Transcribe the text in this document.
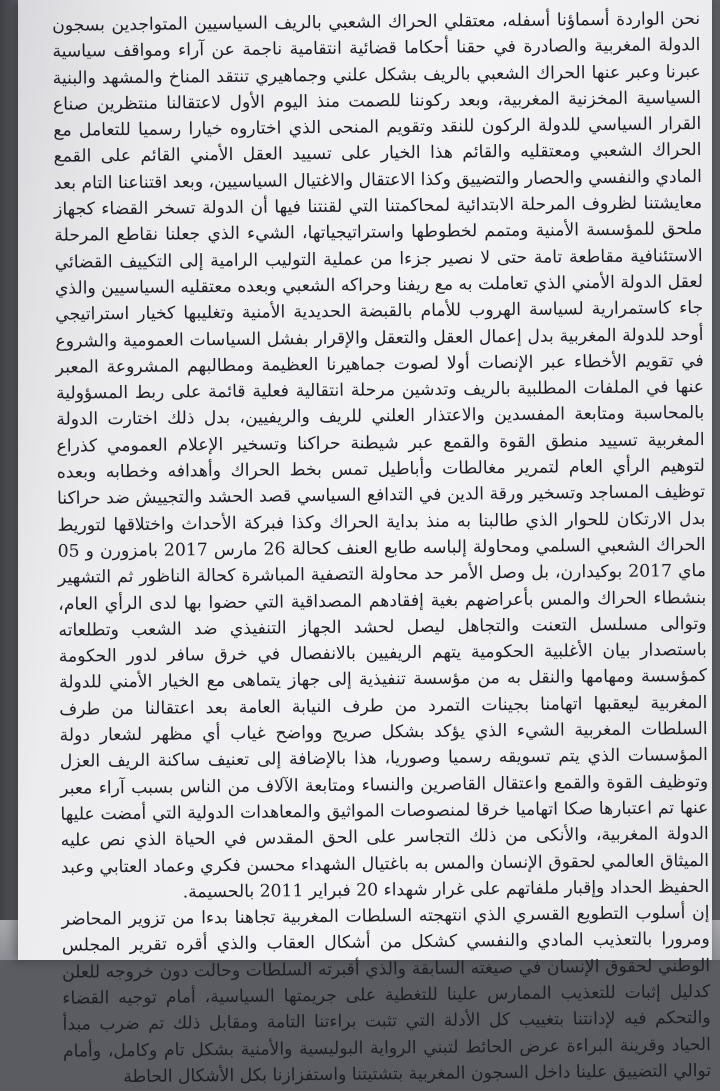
نحن الواردة أسماؤنا أسفله، معتقلي الحراك الشعبي بالريف السياسيين المتواجدين بسجون الدولة المغربية والصادرة في حقنا أحكاما قضائية انتقامية ناجمة عن آراء ومواقف سياسية عبرنا وعبر عنها الحراك الشعبي بالريف بشكل علني وجماهيري تنتقد المناخ والمشهد والبنية السياسية المخزنية المغربية، وبعد ركوننا للصمت منذ اليوم الأول لاعتقالنا منتظرين صناع القرار السياسي للدولة الركون للنقد وتقويم المنحى الذي اختاروه خيارا رسميا للتعامل مع الحراك الشعبي ومعتقليه والقائم هذا الخيار على تسييد العقل الأمني القائم على القمع المادي والنفسي والحصار والتضييق وكذا الاعتقال والاغتيال السياسيين، وبعد اقتناعنا التام بعد معايشتنا لظروف المرحلة الابتدائية لمحاكمتنا التي لقنتنا فيها أن الدولة تسخر القضاء كجهاز ملحق للمؤسسة الأمنية ومتمم لخطوطها واستراتيجياتها، الشيء الذي جعلنا نقاطع المرحلة الاستئنافية مقاطعة تامة حتى لا نصير جزءا من عملية التوليب الرامية إلى التكييف القضائي لعقل الدولة الأمني الذي تعاملت به مع ريفنا وحراكه الشعبي وبعده معتقليه السياسيين والذي جاء كاستمرارية لسياسة الهروب للأمام بالقبضة الحديدية الأمنية وتغليبها كخيار استراتيجي أوحد للدولة المغربية بدل إعمال العقل والتعقل والإقرار بفشل السياسات العمومية والشروع في تقويم الأخطاء عبر الإنصات أولا لصوت جماهيرنا العظيمة ومطالبهم المشروعة المعبر عنها في الملفات المطلبية بالريف وتدشين مرحلة انتقالية فعلية قائمة على ربط المسؤولية بالمحاسبة ومتابعة المفسدين والاعتذار العلني للريف والريفيين، بدل ذلك اختارت الدولة المغربية تسييد منطق القوة والقمع عبر شيطنة حراكنا وتسخير الإعلام العمومي كذراع لتوهيم الرأي العام لتمرير مغالطات وأباطيل تمس بخط الحراك وأهدافه وخطابه وبعده توظيف المساجد وتسخير ورقة الدين في التدافع السياسي قصد الحشد والتجييش ضد حراكنا بدل الارتكان للحوار الذي طالبنا به منذ بداية الحراك وكذا فبركة الأحداث واختلاقها لتوريط الحراك الشعبي السلمي ومحاولة إلباسه طابع العنف كحالة 26 مارس 2017 بامزورن و 05 ماي 2017 بوكيدارن، بل وصل الأمر حد محاولة التصفية المباشرة كحالة الناظور ثم التشهير بنشطاء الحراك والمس بأعراضهم بغية إفقادهم المصداقية التي حضوا بها لدى الرأي العام، وتوالى مسلسل التعنت والتجاهل ليصل لحشد الجهاز التنفيذي ضد الشعب وتطلعاته باستصدار بيان الأغلبية الحكومية يتهم الريفيين بالانفصال في خرق سافر لدور الحكومة كمؤسسة ومهامها والنقل به من مؤسسة تنفيذية إلى جهاز يتماهى مع الخيار الأمني للدولة المغربية ليعقبها اتهامنا بجينات التمرد من طرف النيابة العامة بعد اعتقالنا من طرف السلطات المغربية الشيء الذي يؤكد بشكل صريح وواضح غياب أي مظهر لشعار دولة المؤسسات الذي يتم تسويقه رسميا وصوريا، هذا بالإضافة إلى تعنيف ساكنة الريف العزل وتوظيف القوة والقمع واعتقال القاصرين والنساء ومتابعة الآلاف من الناس بسبب آراء معبر عنها تم اعتبارها صكا اتهاميا خرقا لمنصوصات المواثيق والمعاهدات الدولية التي أمضت عليها الدولة المغربية، والأنكى من ذلك التجاسر على الحق المقدس في الحياة الذي نص عليه الميثاق العالمي لحقوق الإنسان والمس به باغتيال الشهداء محسن فكري وعماد العتابي وعبد الحفيظ الحداد وإقبار ملفاتهم على غرار شهداء 20 فبراير 2011 بالحسيمة.

إن أسلوب التطويع القسري الذي انتهجته السلطات المغربية تجاهنا بدءا من تزوير المحاضر ومرورا بالتعذيب المادي والنفسي كشكل من أشكال العقاب والذي أقره تقرير المجلس الوطني لحقوق الإنسان في صيغته السابقة والذي أقبرته السلطات وحالت دون خروجه للعلن كدليل إثبات للتعذيب الممارس علينا للتغطية على جريمتها السياسية، أمام توجيه القضاء والتحكم فيه لإدانتنا بتغييب كل الأدلة التي تثبت براءتنا التامة ومقابل ذلك تم ضرب مبدأ الحياد وقرينة البراءة عرض الحائط لتبني الرواية البوليسية والأمنية بشكل تام وكامل، وأمام توالي التضييق علينا داخل السجون المغربية بتشتيتنا واستفزازنا بكل الأشكال الحاطة
